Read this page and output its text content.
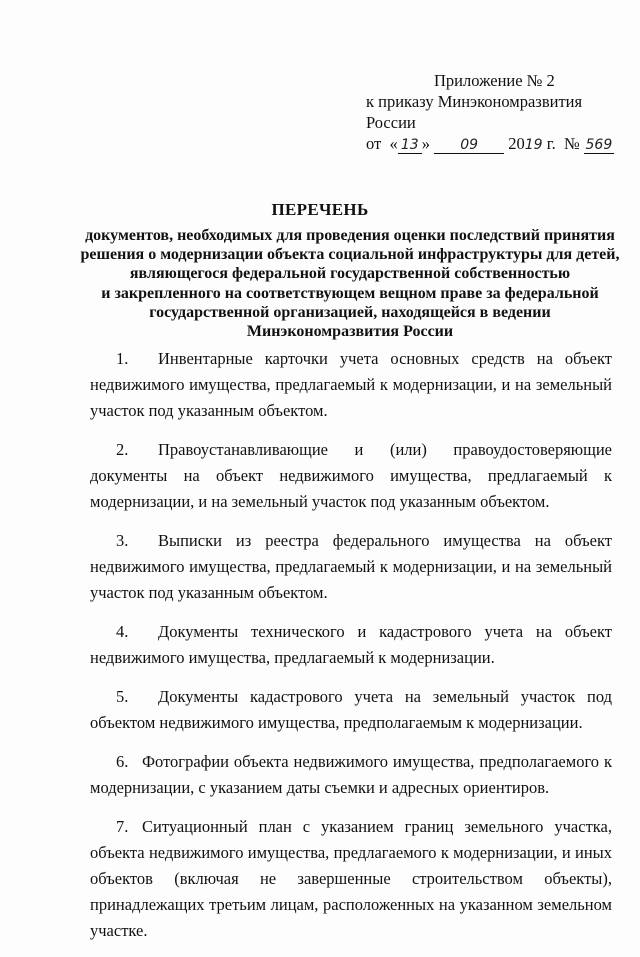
Приложение № 2
к приказу Минэкономразвития России
от « 13 » 09 2019 г. № 569
ПЕРЕЧЕНЬ
документов, необходимых для проведения оценки последствий принятия
решения о модернизации объекта социальной инфраструктуры для детей,
являющегося федеральной государственной собственностью
и закрепленного на соответствующем вещном праве за федеральной
государственной организацией, находящейся в ведении
Минэкономразвития России

1. Инвентарные карточки учета основных средств на объект недвижимого имущества, предлагаемый к модернизации, и на земельный участок под указанным объектом.

2. Правоустанавливающие и (или) правоудостоверяющие документы на объект недвижимого имущества, предлагаемый к модернизации, и на земельный участок под указанным объектом.

3. Выписки из реестра федерального имущества на объект недвижимого имущества, предлагаемый к модернизации, и на земельный участок под указанным объектом.

4. Документы технического и кадастрового учета на объект недвижимого имущества, предлагаемый к модернизации.

5. Документы кадастрового учета на земельный участок под объектом недвижимого имущества, предполагаемым к модернизации.

6. Фотографии объекта недвижимого имущества, предполагаемого к модернизации, с указанием даты съемки и адресных ориентиров.

7. Ситуационный план с указанием границ земельного участка, объекта недвижимого имущества, предлагаемого к модернизации, и иных объектов (включая не завершенные строительством объекты), принадлежащих третьим лицам, расположенных на указанном земельном участке.
